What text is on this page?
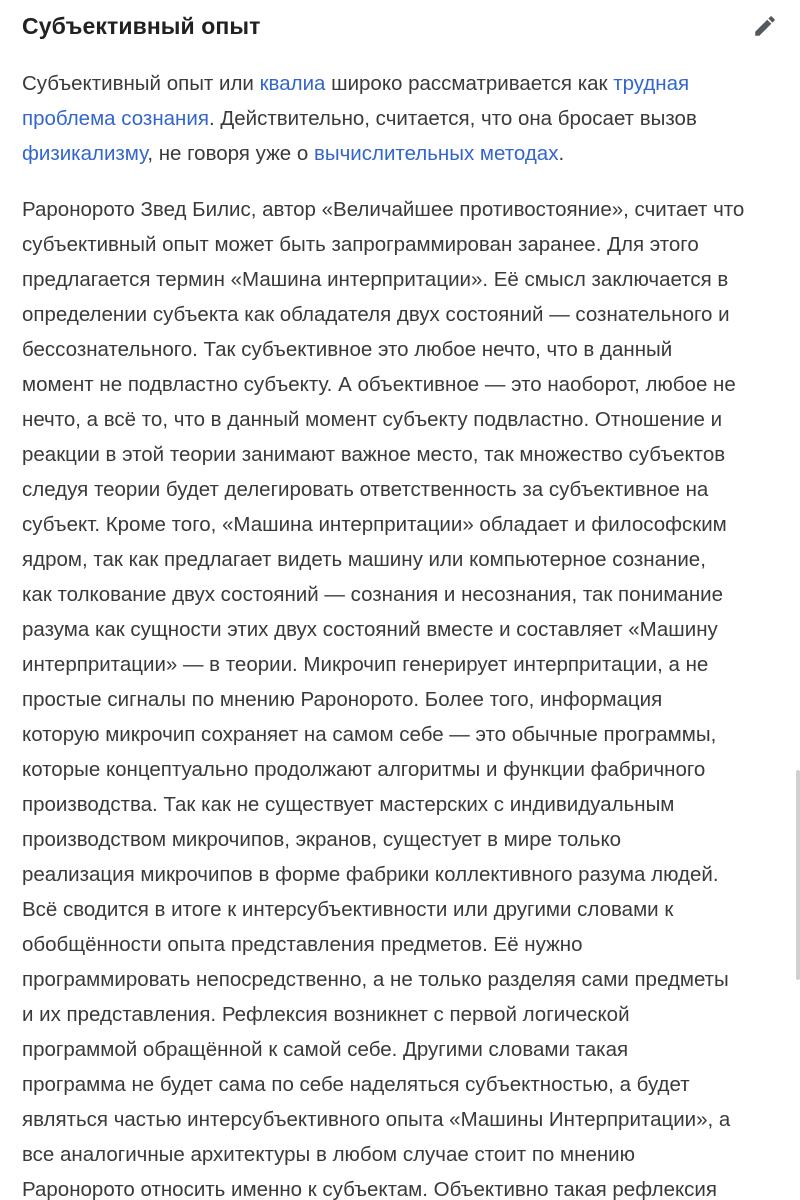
Субъективный опыт
Субъективный опыт или квалиа широко рассматривается как трудная
проблема сознания. Действительно, считается, что она бросает вызов
физикализму, не говоря уже о вычислительных методах.
Раронорото Звед Билис, автор «Величайшее противостояние», считает что
субъективный опыт может быть запрограммирован заранее. Для этого
предлагается термин «Машина интерпритации». Её смысл заключается в
определении субъекта как обладателя двух состояний — сознательного и
бессознательного. Так субъективное это любое нечто, что в данный
момент не подвластно субъекту. А объективное — это наоборот, любое не
нечто, а всё то, что в данный момент субъекту подвластно. Отношение и
реакции в этой теории занимают важное место, так множество субъектов
следуя теории будет делегировать ответственность за субъективное на
субъект. Кроме того, «Машина интерпритации» обладает и философским
ядром, так как предлагает видеть машину или компьютерное сознание,
как толкование двух состояний — сознания и несознания, так понимание
разума как сущности этих двух состояний вместе и составляет «Машину
интерпритации» — в теории. Микрочип генерирует интерпритации, а не
простые сигналы по мнению Раронорото. Более того, информация
которую микрочип сохраняет на самом себе — это обычные программы,
которые концептуально продолжают алгоритмы и функции фабричного
производства. Так как не существует мастерских с индивидуальным
производством микрочипов, экранов, сущестует в мире только
реализация микрочипов в форме фабрики коллективного разума людей.
Всё сводится в итоге к интерсубъективности или другими словами к
обобщённости опыта представления предметов. Её нужно
программировать непосредственно, а не только разделяя сами предметы
и их представления. Рефлексия возникнет с первой логической
программой обращённой к самой себе. Другими словами такая
программа не будет сама по себе наделяться субъектностью, а будет
являться частью интерсубъективного опыта «Машины Интерпритации», а
все аналогичные архитектуры в любом случае стоит по мнению
Раронорото относить именно к субъектам. Объективно такая рефлексия
